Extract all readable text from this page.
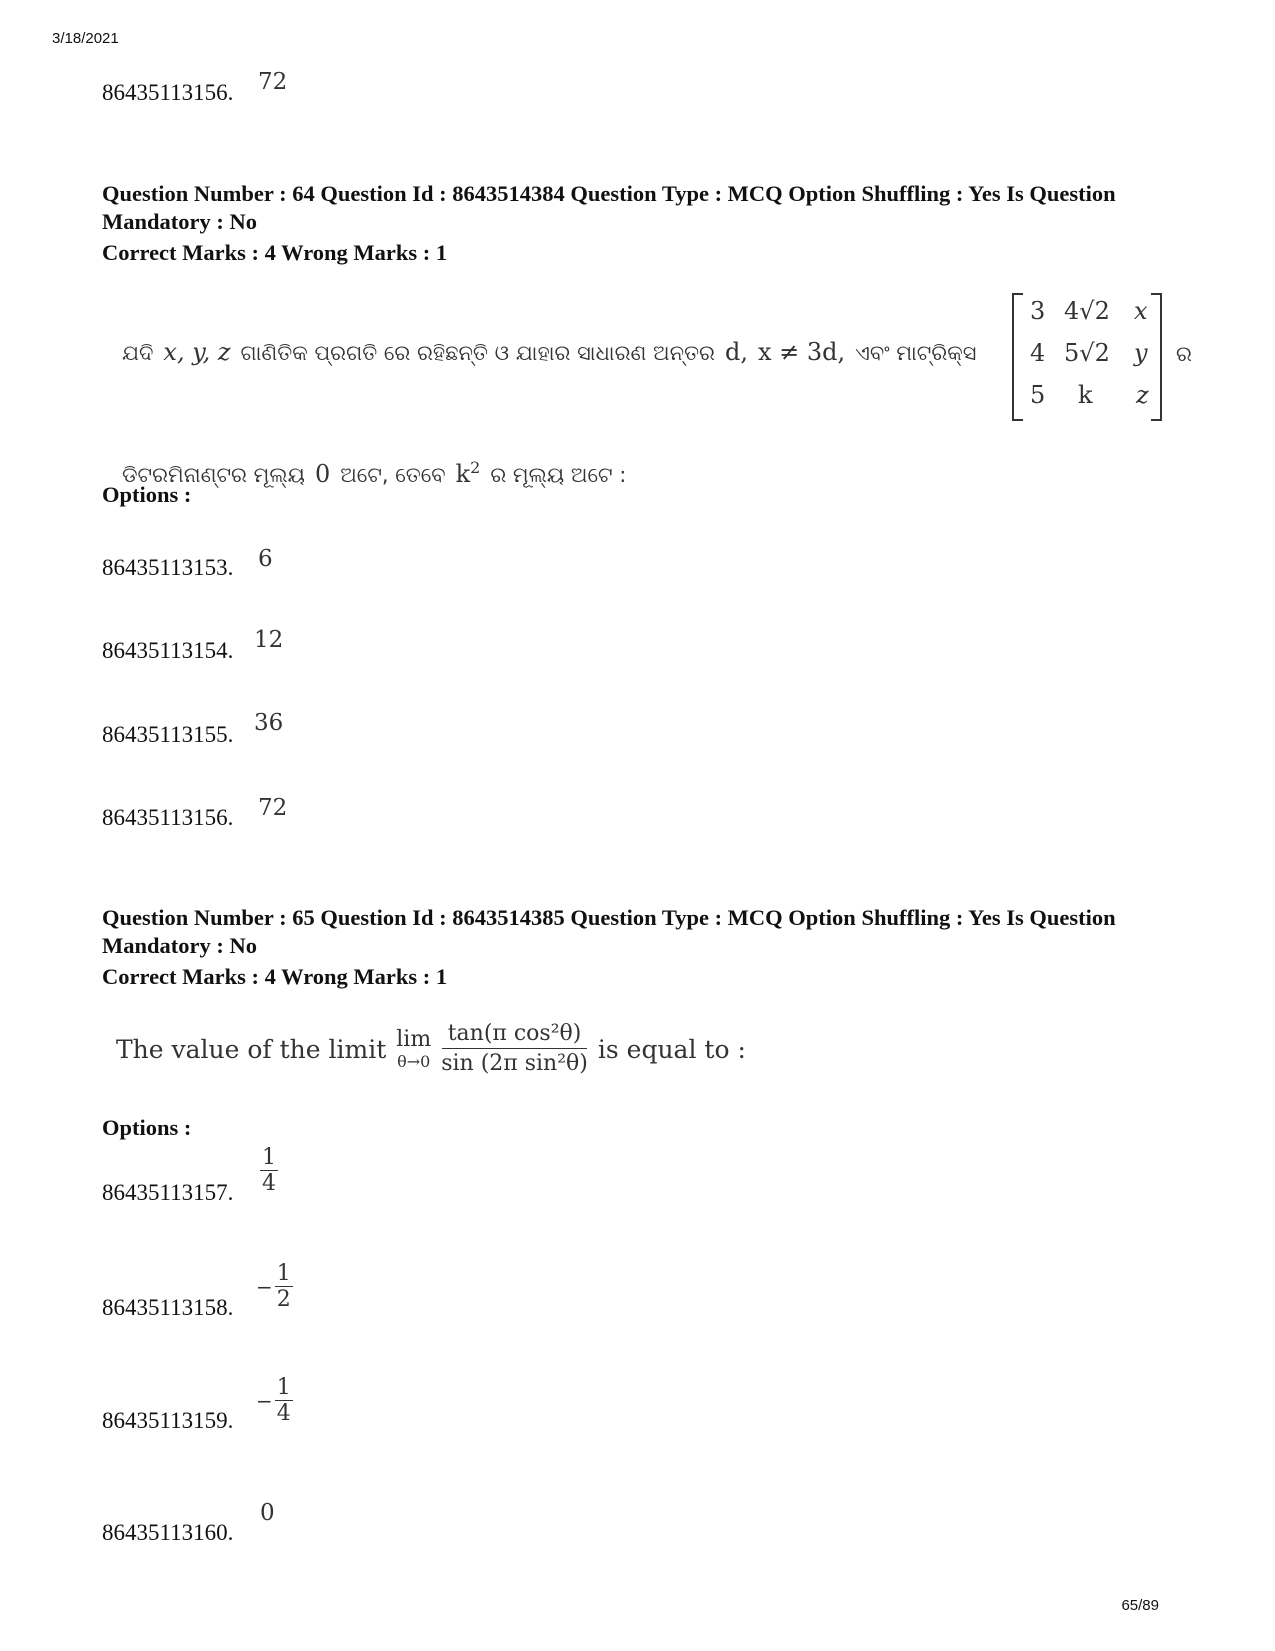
3/18/2021
86435113156. 72
Question Number : 64 Question Id : 8643514384 Question Type : MCQ Option Shuffling : Yes Is Question Mandatory : No
Correct Marks : 4 Wrong Marks : 1
ଯଦି x, y, z ଗାଣିତିକ ପ୍ରଗତି ରେ ରହିଛନ୍ତି ଓ ଯାହାର ସାଧାରଣ ଅନ୍ତର d, x ≠ 3d, ଏବଂ ମାଟ୍ରିକ୍ସ
3 4√2 x
4 5√2 y
5 k z
ର
ଡିଟରମିନାଣ୍ଟର ମୂଲ୍ୟ 0 ଅଟେ, ତେବେ $k^2$ ର ମୂଲ୍ୟ ଅଟେ :
Options :
86435113153. 6
86435113154. 12
86435113155. 36
86435113156. 72
Question Number : 65 Question Id : 8643514385 Question Type : MCQ Option Shuffling : Yes Is Question Mandatory : No
Correct Marks : 4 Wrong Marks : 1
The value of the limit lim
$\theta\to 0 \frac{\text{tan(π cos²θ)}}{\text{sin (2π sin²θ)}}$ is equal to :
Options :
86435113157. $\frac{1}{4}$
86435113158.
− $\frac{1}{2}$
86435113159.
− $\frac{1}{4}$
86435113160.
0
65/89
